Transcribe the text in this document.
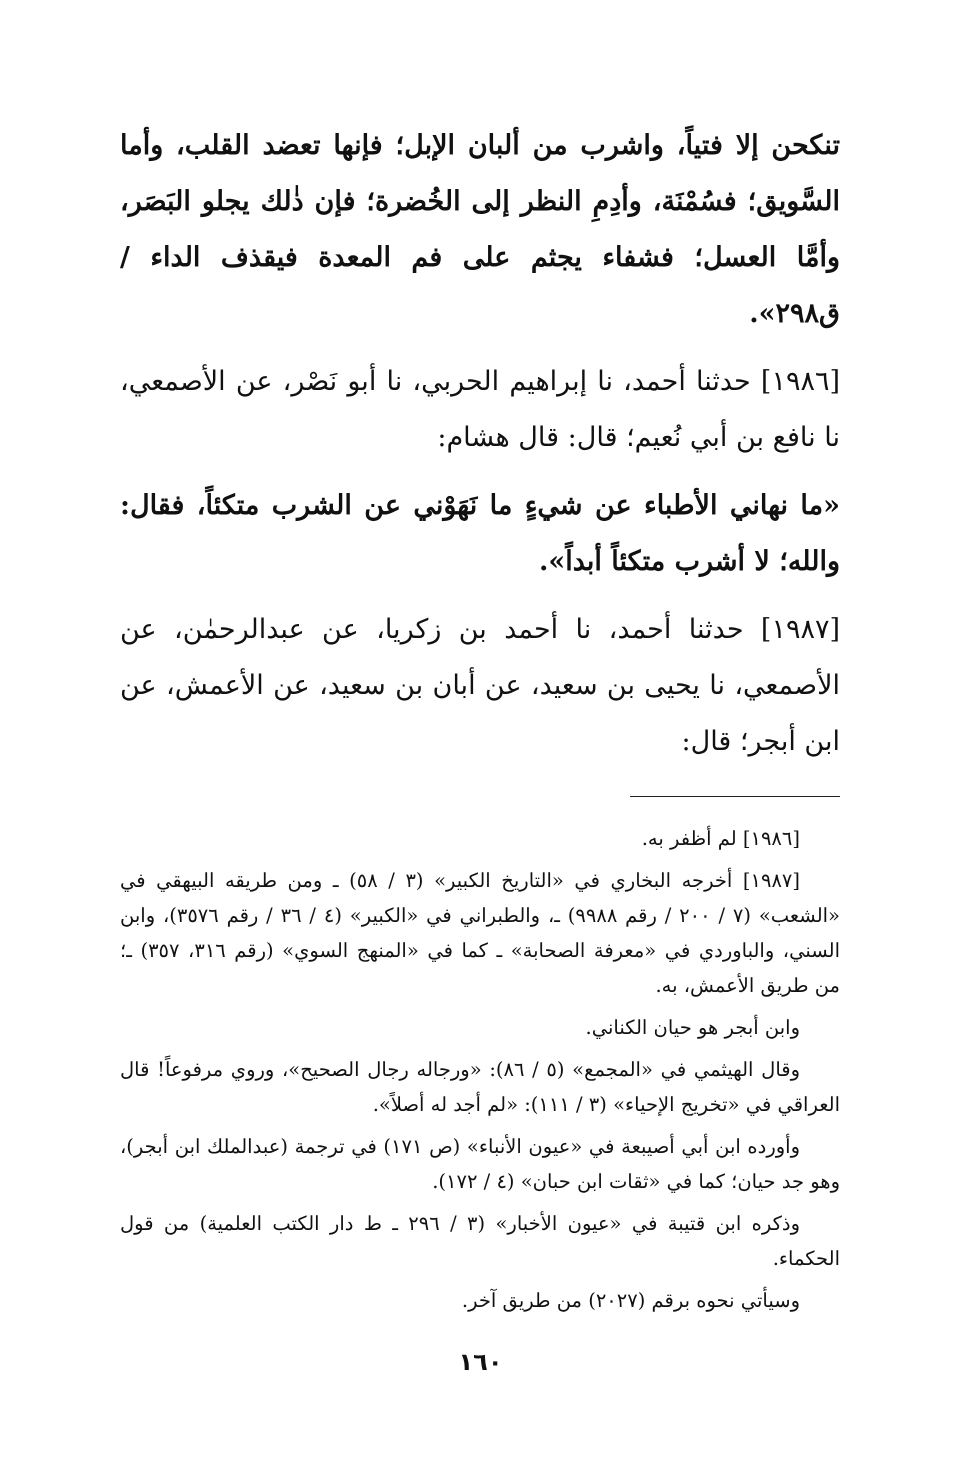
تنكحن إلا فتياً، واشرب من ألبان الإبل؛ فإنها تعضد القلب، وأما السَّويق؛ فسُمْنَة، وأدِمِ النظر إلى الخُضرة؛ فإن ذٰلك يجلو البَصَر، وأمَّا العسل؛ فشفاء يجثم على فم المعدة فيقذف الداء / ق٢٩٨».

[١٩٨٦] حدثنا أحمد، نا إبراهيم الحربي، نا أبو نَصْر، عن الأصمعي، نا نافع بن أبي نُعيم؛ قال: قال هشام:

«ما نهاني الأطباء عن شيءٍ ما نَهَوْني عن الشرب متكئاً، فقال: والله؛ لا أشرب متكئاً أبداً».

[١٩٨٧] حدثنا أحمد، نا أحمد بن زكريا، عن عبدالرحمٰن، عن الأصمعي، نا يحيى بن سعيد، عن أبان بن سعيد، عن الأعمش، عن ابن أبجر؛ قال:

[١٩٨٦] لم أظفر به.

[١٩٨٧] أخرجه البخاري في «التاريخ الكبير» (٣ / ٥٨) ـ ومن طريقه البيهقي في «الشعب» (٧ / ٢٠٠ / رقم ٩٩٨٨) ـ، والطبراني في «الكبير» (٤ / ٣٦ / رقم ٣٥٧٦)، وابن السني، والباوردي في «معرفة الصحابة» ـ كما في «المنهج السوي» (رقم ٣١٦، ٣٥٧) ـ؛ من طريق الأعمش، به.

وابن أبجر هو حيان الكناني.

وقال الهيثمي في «المجمع» (٥ / ٨٦): «ورجاله رجال الصحيح»، وروي مرفوعاً! قال العراقي في «تخريج الإحياء» (٣ / ١١١): «لم أجد له أصلاً».

وأورده ابن أبي أصيبعة في «عيون الأنباء» (ص ١٧١) في ترجمة (عبدالملك ابن أبجر)، وهو جد حيان؛ كما في «ثقات ابن حبان» (٤ / ١٧٢).

وذكره ابن قتيبة في «عيون الأخبار» (٣ / ٢٩٦ ـ ط دار الكتب العلمية) من قول الحكماء.

وسيأتي نحوه برقم (٢٠٢٧) من طريق آخر.

١٦٠
